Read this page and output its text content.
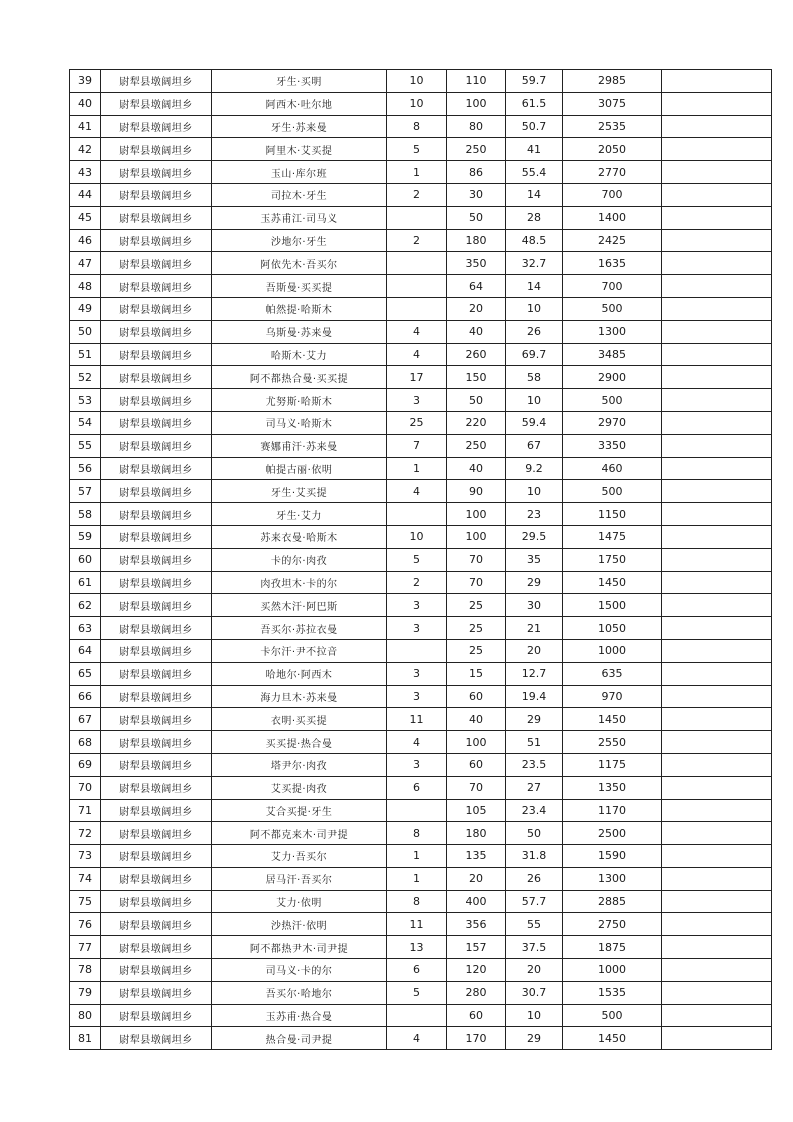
39	尉犁县墩阔坦乡	牙生·买明	10	110	59.7	2985	
40	尉犁县墩阔坦乡	阿西木·吐尔地	10	100	61.5	3075	
41	尉犁县墩阔坦乡	牙生·苏来曼	8	80	50.7	2535	
42	尉犁县墩阔坦乡	阿里木·艾买提	5	250	41	2050	
43	尉犁县墩阔坦乡	玉山·库尔班	1	86	55.4	2770	
44	尉犁县墩阔坦乡	司拉木·牙生	2	30	14	700	
45	尉犁县墩阔坦乡	玉苏甫江·司马义		50	28	1400	
46	尉犁县墩阔坦乡	沙地尔·牙生	2	180	48.5	2425	
47	尉犁县墩阔坦乡	阿依先木·吾买尔		350	32.7	1635	
48	尉犁县墩阔坦乡	吾斯曼·买买提		64	14	700	
49	尉犁县墩阔坦乡	帕然提·哈斯木		20	10	500	
50	尉犁县墩阔坦乡	乌斯曼·苏来曼	4	40	26	1300	
51	尉犁县墩阔坦乡	哈斯木·艾力	4	260	69.7	3485	
52	尉犁县墩阔坦乡	阿不都热合曼·买买提	17	150	58	2900	
53	尉犁县墩阔坦乡	尤努斯·哈斯木	3	50	10	500	
54	尉犁县墩阔坦乡	司马义·哈斯木	25	220	59.4	2970	
55	尉犁县墩阔坦乡	赛娜甫汗·苏来曼	7	250	67	3350	
56	尉犁县墩阔坦乡	帕提古丽·依明	1	40	9.2	460	
57	尉犁县墩阔坦乡	牙生·艾买提	4	90	10	500	
58	尉犁县墩阔坦乡	牙生·艾力		100	23	1150	
59	尉犁县墩阔坦乡	苏来衣曼·哈斯木	10	100	29.5	1475	
60	尉犁县墩阔坦乡	卡的尔·肉孜	5	70	35	1750	
61	尉犁县墩阔坦乡	肉孜坦木·卡的尔	2	70	29	1450	
62	尉犁县墩阔坦乡	买然木汗·阿巴斯	3	25	30	1500	
63	尉犁县墩阔坦乡	吾买尔·苏拉衣曼	3	25	21	1050	
64	尉犁县墩阔坦乡	卡尔汗·尹不拉音		25	20	1000	
65	尉犁县墩阔坦乡	哈地尔·阿西木	3	15	12.7	635	
66	尉犁县墩阔坦乡	海力旦木·苏来曼	3	60	19.4	970	
67	尉犁县墩阔坦乡	衣明·买买提	11	40	29	1450	
68	尉犁县墩阔坦乡	买买提·热合曼	4	100	51	2550	
69	尉犁县墩阔坦乡	塔尹尔·肉孜	3	60	23.5	1175	
70	尉犁县墩阔坦乡	艾买提·肉孜	6	70	27	1350	
71	尉犁县墩阔坦乡	艾合买提·牙生		105	23.4	1170	
72	尉犁县墩阔坦乡	阿不都克来木·司尹提	8	180	50	2500	
73	尉犁县墩阔坦乡	艾力·吾买尔	1	135	31.8	1590	
74	尉犁县墩阔坦乡	居马汗·吾买尔	1	20	26	1300	
75	尉犁县墩阔坦乡	艾力·依明	8	400	57.7	2885	
76	尉犁县墩阔坦乡	沙热汗·依明	11	356	55	2750	
77	尉犁县墩阔坦乡	阿不都热尹木·司尹提	13	157	37.5	1875	
78	尉犁县墩阔坦乡	司马义·卡的尔	6	120	20	1000	
79	尉犁县墩阔坦乡	吾买尔·哈地尔	5	280	30.7	1535	
80	尉犁县墩阔坦乡	玉苏甫·热合曼		60	10	500	
81	尉犁县墩阔坦乡	热合曼·司尹提	4	170	29	1450	
